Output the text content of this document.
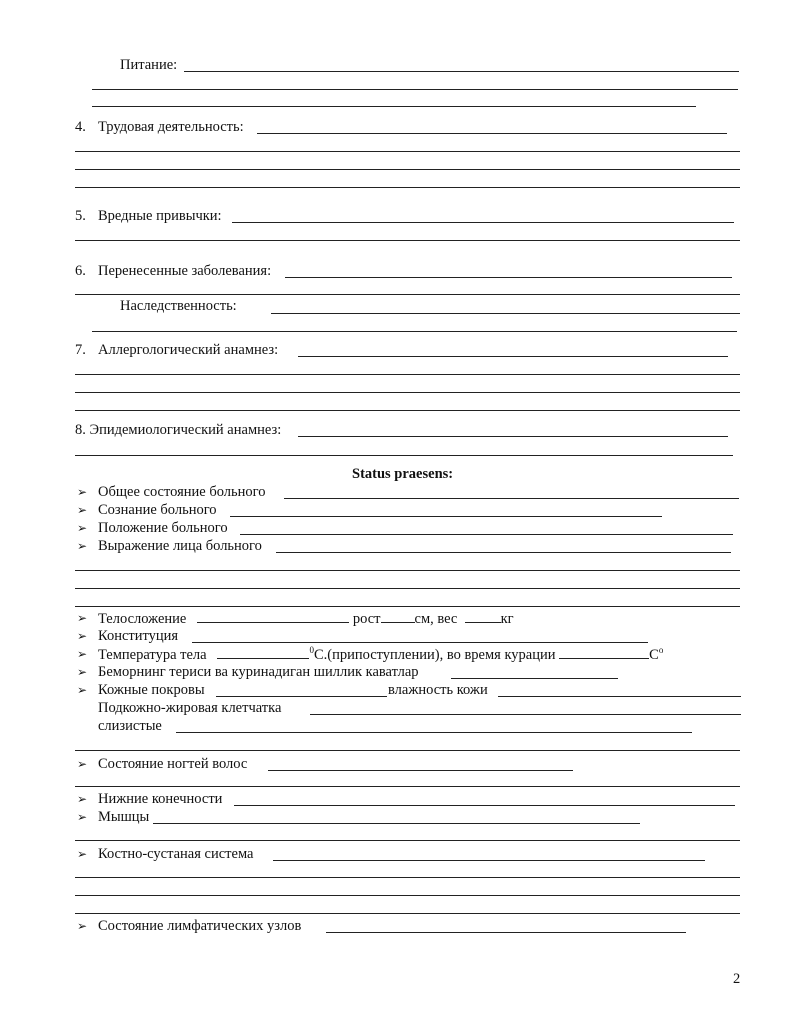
Питание:
4. Трудовая деятельность:
5. Вредные привычки:
6. Перенесенные заболевания:
Наследственность:
7. Аллергологический анамнез:
8. Эпидемиологический анамнез:
Status praesens:
➢ Общее состояние больного
➢ Сознание больного
➢ Положение больного
➢ Выражение лица больного
➢ Телосложение	рост см, вес	кг
➢ Конституция
➢ Температура тела	$^0$С.(припоступлении), во время курации	$С^о$
➢ Беморнинг териси ва куринадиган шиллик каватлар
➢ Кожные покровы	влажность кожи
Подкожно-жировая клетчатка
слизистые
➢ Состояние ногтей волос
➢ Нижние конечности
➢ Мышцы
➢ Костно-сустаная система
➢ Состояние лимфатических узлов
2
